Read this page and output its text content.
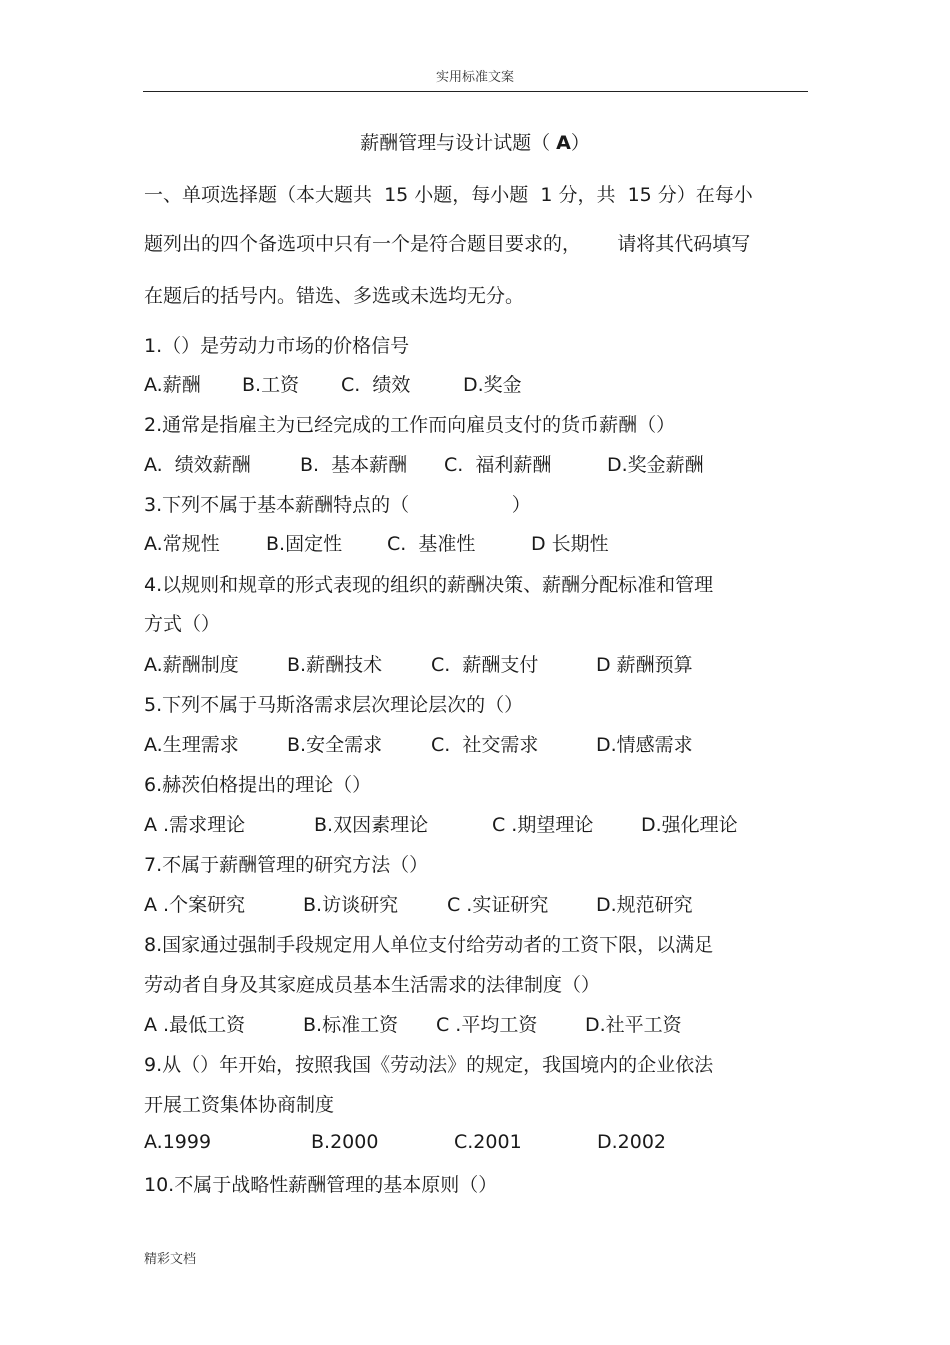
实用标准文案
薪酬管理与设计试题（ A）
一、单项选择题（本大题共  15 小题，每小题  1 分，共  15 分）在每小
题列出的四个备选项中只有一个是符合题目要求的，      请将其代码填写
在题后的括号内。错选、多选或未选均无分。
1.（）是劳动力市场的价格信号
A.薪酬 B.工资 C.  绩效	D.奖金
2.通常是指雇主为已经完成的工作而向雇员支付的货币薪酬（）
A.  绩效薪酬	B.  基本薪酬 C.  福利薪酬	D.奖金薪酬
3.下列不属于基本薪酬特点的（                 ）
A.常规性 B.固定性 C.  基准性	D 长期性
4.以规则和规章的形式表现的组织的薪酬决策、薪酬分配标准和管理
方式（）
A.薪酬制度	B.薪酬技术	C.  薪酬支付	D 薪酬预算
5.下列不属于马斯洛需求层次理论层次的（）
A.生理需求	B.安全需求	C.  社交需求	D.情感需求
6.赫茨伯格提出的理论（）
A .需求理论	B.双因素理论	C .期望理论	D.强化理论
7.不属于薪酬管理的研究方法（）
A .个案研究	B.访谈研究	C .实证研究	D.规范研究
8.国家通过强制手段规定用人单位支付给劳动者的工资下限，以满足
劳动者自身及其家庭成员基本生活需求的法律制度（）
A .最低工资	B.标准工资 C .平均工资	D.社平工资
9.从（）年开始，按照我国《劳动法》的规定，我国境内的企业依法
开展工资集体协商制度
A.1999	B.2000	C.2001	D.2002
10.不属于战略性薪酬管理的基本原则（）
精彩文档
